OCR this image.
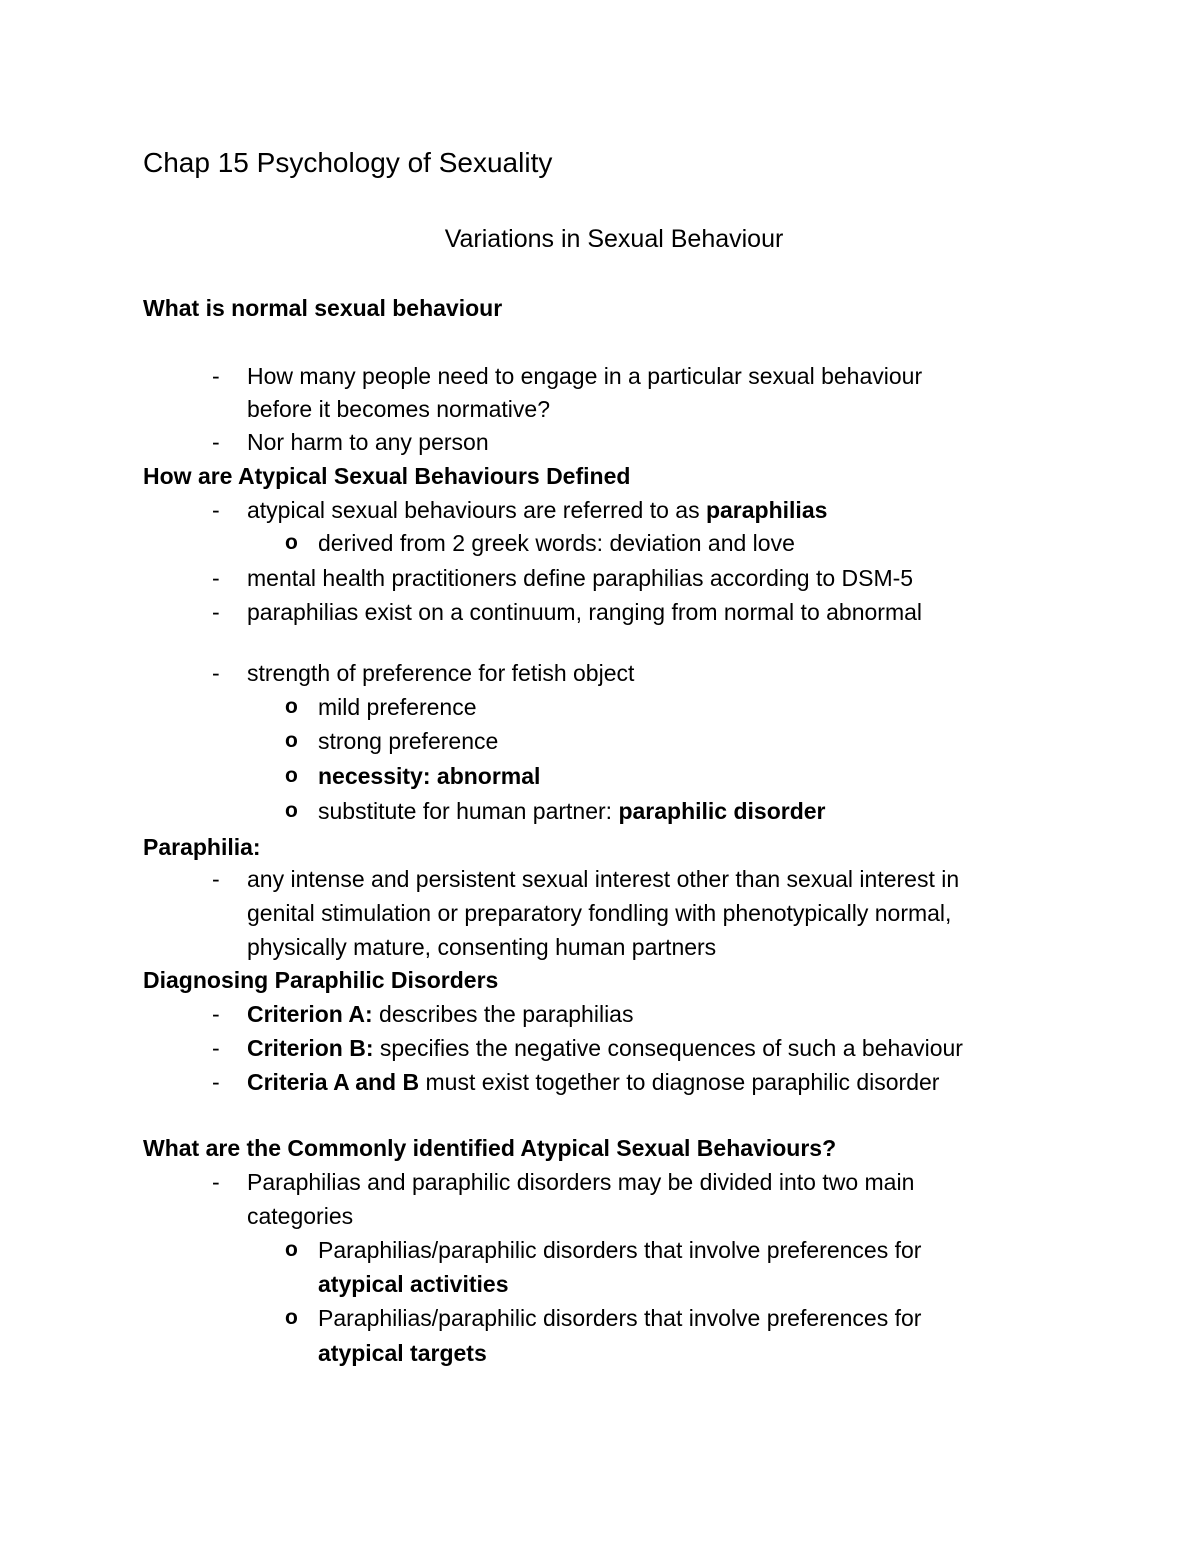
Chap 15 Psychology of Sexuality
Variations in Sexual Behaviour
What is normal sexual behaviour
- How many people need to engage in a particular sexual behaviour
before it becomes normative?
- Nor harm to any person
How are Atypical Sexual Behaviours Defined
- atypical sexual behaviours are referred to as paraphilias
o derived from 2 greek words: deviation and love
- mental health practitioners define paraphilias according to DSM-5
- paraphilias exist on a continuum, ranging from normal to abnormal
- strength of preference for fetish object
o mild preference
o strong preference
o necessity: abnormal
o substitute for human partner: paraphilic disorder
Paraphilia:
- any intense and persistent sexual interest other than sexual interest in
genital stimulation or preparatory fondling with phenotypically normal,
physically mature, consenting human partners
Diagnosing Paraphilic Disorders
- Criterion A: describes the paraphilias
- Criterion B: specifies the negative consequences of such a behaviour
- Criteria A and B must exist together to diagnose paraphilic disorder
What are the Commonly identified Atypical Sexual Behaviours?
- Paraphilias and paraphilic disorders may be divided into two main
categories
o Paraphilias/paraphilic disorders that involve preferences for
atypical activities
o Paraphilias/paraphilic disorders that involve preferences for
atypical targets
